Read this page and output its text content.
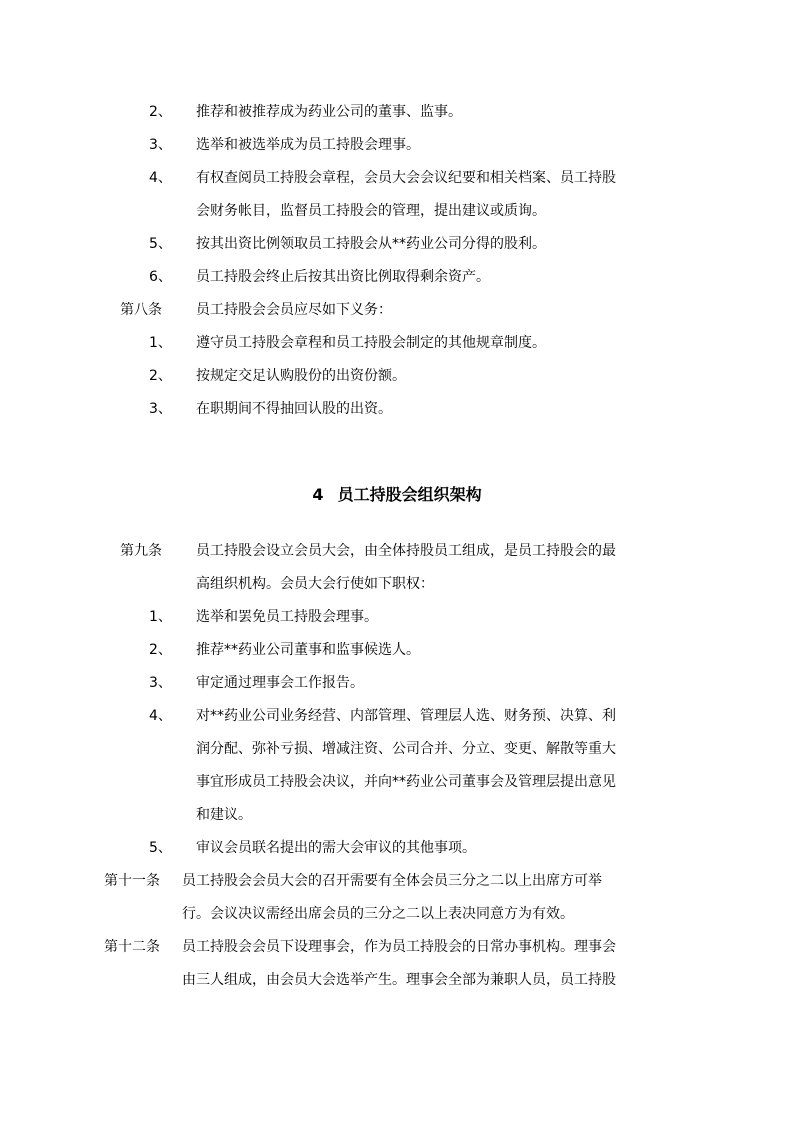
2、 推荐和被推荐成为药业公司的董事、监事。
3、 选举和被选举成为员工持股会理事。
4、 有权查阅员工持股会章程，会员大会会议纪要和相关档案、员工持股
会财务帐目，监督员工持股会的管理，提出建议或质询。
5、 按其出资比例领取员工持股会从**药业公司分得的股利。
6、 员工持股会终止后按其出资比例取得剩余资产。
第八条 员工持股会会员应尽如下义务：
1、 遵守员工持股会章程和员工持股会制定的其他规章制度。
2、 按规定交足认购股份的出资份额。
3、 在职期间不得抽回认股的出资。
4 员工持股会组织架构
第九条 员工持股会设立会员大会，由全体持股员工组成，是员工持股会的最
高组织机构。会员大会行使如下职权：
1、 选举和罢免员工持股会理事。
2、 推荐**药业公司董事和监事候选人。
3、 审定通过理事会工作报告。
4、 对**药业公司业务经营、内部管理、管理层人选、财务预、决算、利
润分配、弥补亏损、增减注资、公司合并、分立、变更、解散等重大
事宜形成员工持股会决议，并向**药业公司董事会及管理层提出意见
和建议。
5、 审议会员联名提出的需大会审议的其他事项。
第十一条 员工持股会会员大会的召开需要有全体会员三分之二以上出席方可举
行。会议决议需经出席会员的三分之二以上表决同意方为有效。
第十二条 员工持股会会员下设理事会，作为员工持股会的日常办事机构。理事会
由三人组成，由会员大会选举产生。理事会全部为兼职人员，员工持股
